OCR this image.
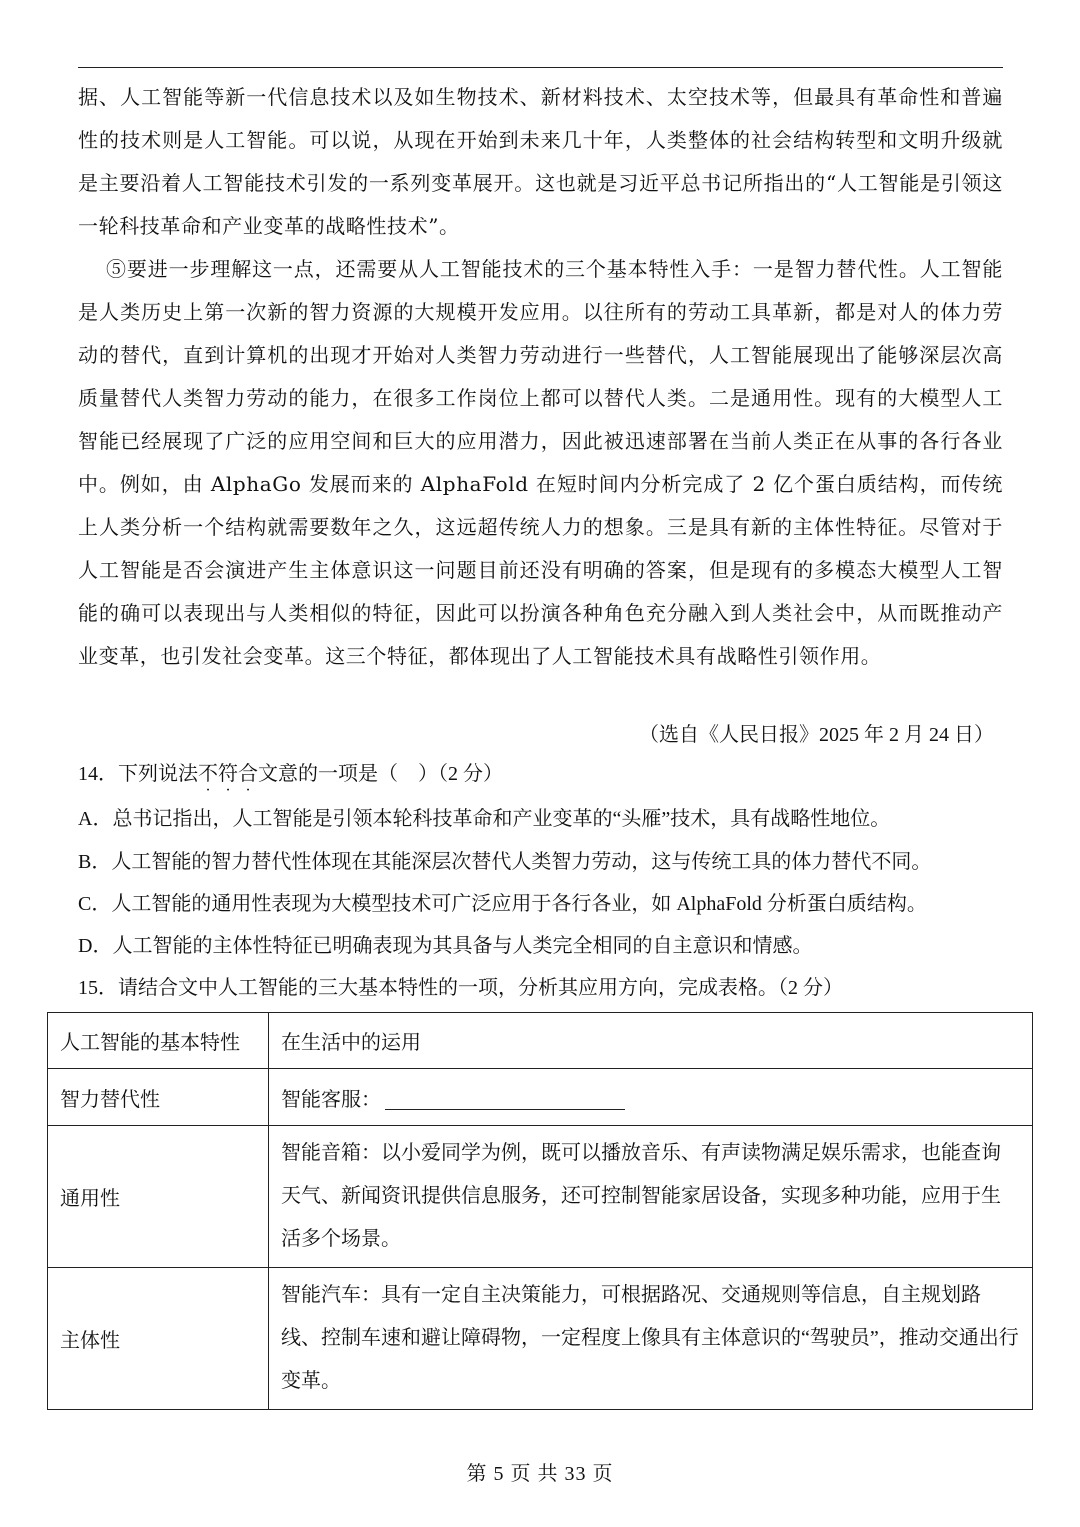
据、人工智能等新一代信息技术以及如生物技术、新材料技术、太空技术等，但最具有革命性和普遍性的技术则是人工智能。可以说，从现在开始到未来几十年，人类整体的社会结构转型和文明升级就是主要沿着人工智能技术引发的一系列变革展开。这也就是习近平总书记所指出的“人工智能是引领这一轮科技革命和产业变革的战略性技术”。
⑤要进一步理解这一点，还需要从人工智能技术的三个基本特性入手：一是智力替代性。人工智能是人类历史上第一次新的智力资源的大规模开发应用。以往所有的劳动工具革新，都是对人的体力劳动的替代，直到计算机的出现才开始对人类智力劳动进行一些替代，人工智能展现出了能够深层次高质量替代人类智力劳动的能力，在很多工作岗位上都可以替代人类。二是通用性。现有的大模型人工智能已经展现了广泛的应用空间和巨大的应用潜力，因此被迅速部署在当前人类正在从事的各行各业中。例如，由 AlphaGo 发展而来的 AlphaFold 在短时间内分析完成了 2 亿个蛋白质结构，而传统上人类分析一个结构就需要数年之久，这远超传统人力的想象。三是具有新的主体性特征。尽管对于人工智能是否会演进产生主体意识这一问题目前还没有明确的答案，但是现有的多模态大模型人工智能的确可以表现出与人类相似的特征，因此可以扮演各种角色充分融入到人类社会中，从而既推动产业变革，也引发社会变革。这三个特征，都体现出了人工智能技术具有战略性引领作用。
（选自《人民日报》2025 年 2 月 24 日）
14．下列说法不符合文意的一项是（　）（2 分）
A．总书记指出，人工智能是引领本轮科技革命和产业变革的“头雁”技术，具有战略性地位。
B．人工智能的智力替代性体现在其能深层次替代人类智力劳动，这与传统工具的体力替代不同。
C．人工智能的通用性表现为大模型技术可广泛应用于各行各业，如 AlphaFold 分析蛋白质结构。
D．人工智能的主体性特征已明确表现为其具备与人类完全相同的自主意识和情感。
15．请结合文中人工智能的三大基本特性的一项，分析其应用方向，完成表格。（2 分）
人工智能的基本特性	在生活中的运用
智力替代性	智能客服：
通用性	智能音箱：以小爱同学为例，既可以播放音乐、有声读物满足娱乐需求，也能查询天气、新闻资讯提供信息服务，还可控制智能家居设备，实现多种功能，应用于生活多个场景。
主体性	智能汽车：具有一定自主决策能力，可根据路况、交通规则等信息，自主规划路线、控制车速和避让障碍物，一定程度上像具有主体意识的“驾驶员”，推动交通出行变革。
第 5 页 共 33 页
